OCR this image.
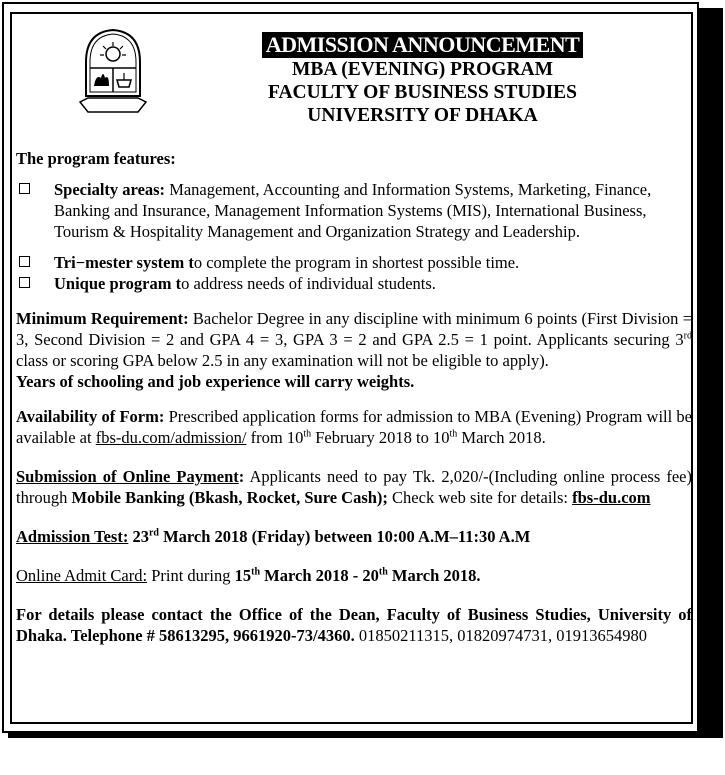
ADMISSION ANNOUNCEMENT
MBA (EVENING) PROGRAM
FACULTY OF BUSINESS STUDIES
UNIVERSITY OF DHAKA
The program features:
Specialty areas: Management, Accounting and Information Systems, Marketing, Finance, Banking and Insurance, Management Information Systems (MIS), International Business, Tourism & Hospitality Management and Organization Strategy and Leadership.
Tri−mester system to complete the program in shortest possible time.
Unique program to address needs of individual students.
Minimum Requirement: Bachelor Degree in any discipline with minimum 6 points (First Division = 3, Second Division = 2 and GPA 4 = 3, GPA 3 = 2 and GPA 2.5 = 1 point. Applicants securing 3rd class or scoring GPA below 2.5 in any examination will not be eligible to apply).
Years of schooling and job experience will carry weights.
Availability of Form: Prescribed application forms for admission to MBA (Evening) Program will be available at fbs-du.com/admission/ from 10th February 2018 to 10th March 2018.
Submission of Online Payment: Applicants need to pay Tk. 2,020/-(Including online process fee) through Mobile Banking (Bkash, Rocket, Sure Cash); Check web site for details: fbs-du.com
Admission Test: 23rd March 2018 (Friday) between 10:00 A.M–11:30 A.M
Online Admit Card: Print during 15th March 2018 - 20th March 2018.
For details please contact the Office of the Dean, Faculty of Business Studies, University of Dhaka. Telephone # 58613295, 9661920-73/4360. 01850211315, 01820974731, 01913654980
